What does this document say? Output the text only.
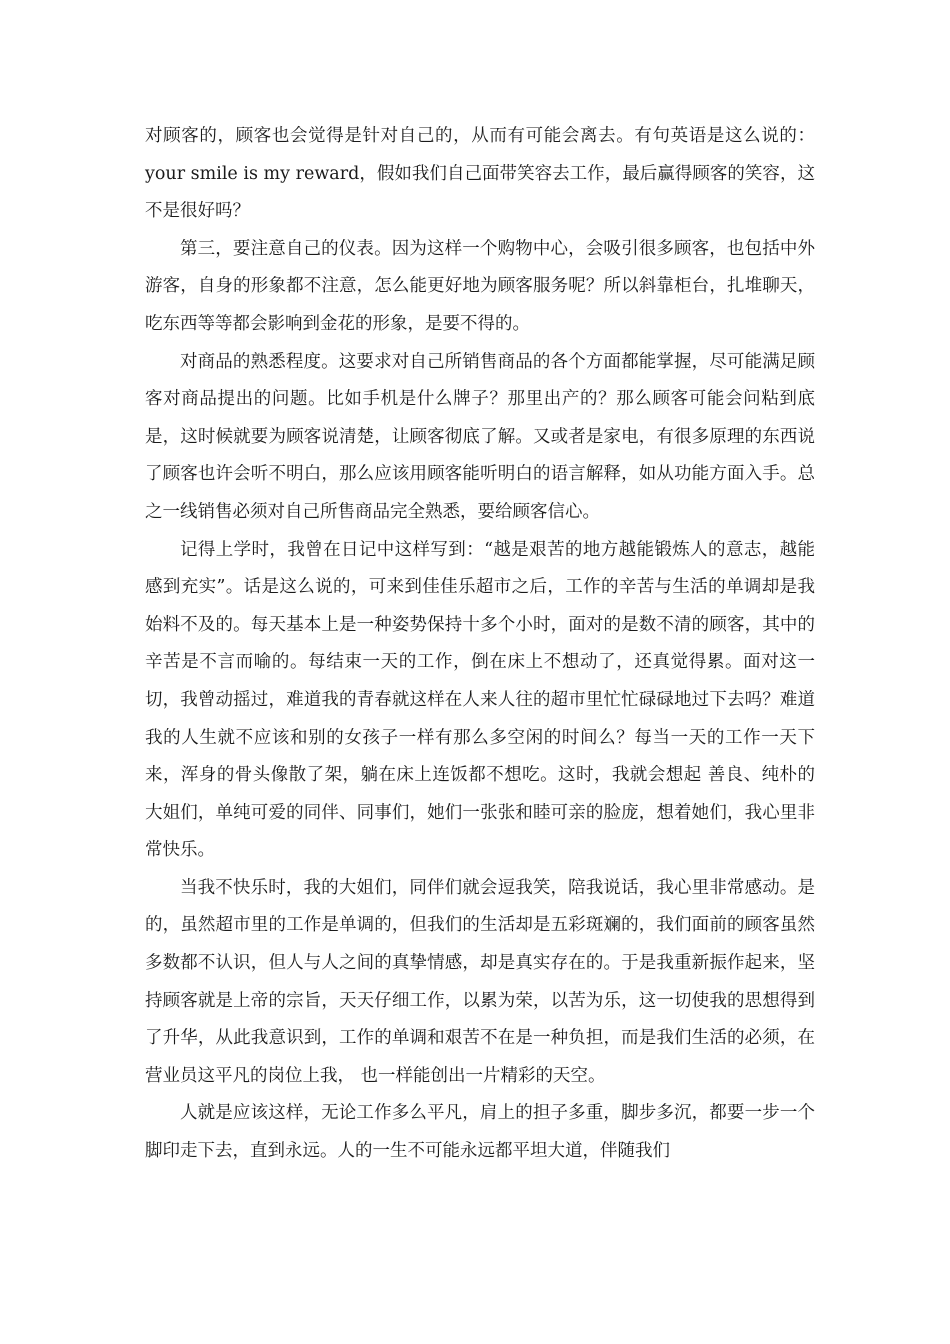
对顾客的，顾客也会觉得是针对自己的，从而有可能会离去。有句英语是这么说的：your smile is my reward，假如我们自己面带笑容去工作，最后赢得顾客的笑容，这不是很好吗？

第三，要注意自己的仪表。因为这样一个购物中心，会吸引很多顾客，也包括中外游客，自身的形象都不注意，怎么能更好地为顾客服务呢？所以斜靠柜台，扎堆聊天，吃东西等等都会影响到金花的形象，是要不得的。

对商品的熟悉程度。这要求对自己所销售商品的各个方面都能掌握，尽可能满足顾客对商品提出的问题。比如手机是什么牌子？那里出产的？那么顾客可能会问粘到底是，这时候就要为顾客说清楚，让顾客彻底了解。又或者是家电，有很多原理的东西说了顾客也许会听不明白，那么应该用顾客能听明白的语言解释，如从功能方面入手。总之一线销售必须对自己所售商品完全熟悉，要给顾客信心。

记得上学时，我曾在日记中这样写到：“越是艰苦的地方越能锻炼人的意志，越能感到充实”。话是这么说的，可来到佳佳乐超市之后，工作的辛苦与生活的单调却是我始料不及的。每天基本上是一种姿势保持十多个小时，面对的是数不清的顾客，其中的辛苦是不言而喻的。每结束一天的工作，倒在床上不想动了，还真觉得累。面对这一切，我曾动摇过，难道我的青春就这样在人来人往的超市里忙忙碌碌地过下去吗？难道我的人生就不应该和别的女孩子一样有那么多空闲的时间么？每当一天的工作一天下来，浑身的骨头像散了架，躺在床上连饭都不想吃。这时，我就会想起 善良、纯朴的大姐们，单纯可爱的同伴、同事们，她们一张张和睦可亲的脸庞，想着她们，我心里非常快乐。

当我不快乐时，我的大姐们，同伴们就会逗我笑，陪我说话，我心里非常感动。是的，虽然超市里的工作是单调的，但我们的生活却是五彩斑斓的，我们面前的顾客虽然多数都不认识，但人与人之间的真挚情感，却是真实存在的。于是我重新振作起来，坚持顾客就是上帝的宗旨，天天仔细工作，以累为荣，以苦为乐，这一切使我的思想得到了升华，从此我意识到，工作的单调和艰苦不在是一种负担，而是我们生活的必须，在营业员这平凡的岗位上我， 也一样能创出一片精彩的天空。

人就是应该这样，无论工作多么平凡，肩上的担子多重，脚步多沉，都要一步一个脚印走下去，直到永远。人的一生不可能永远都平坦大道，伴随我们
